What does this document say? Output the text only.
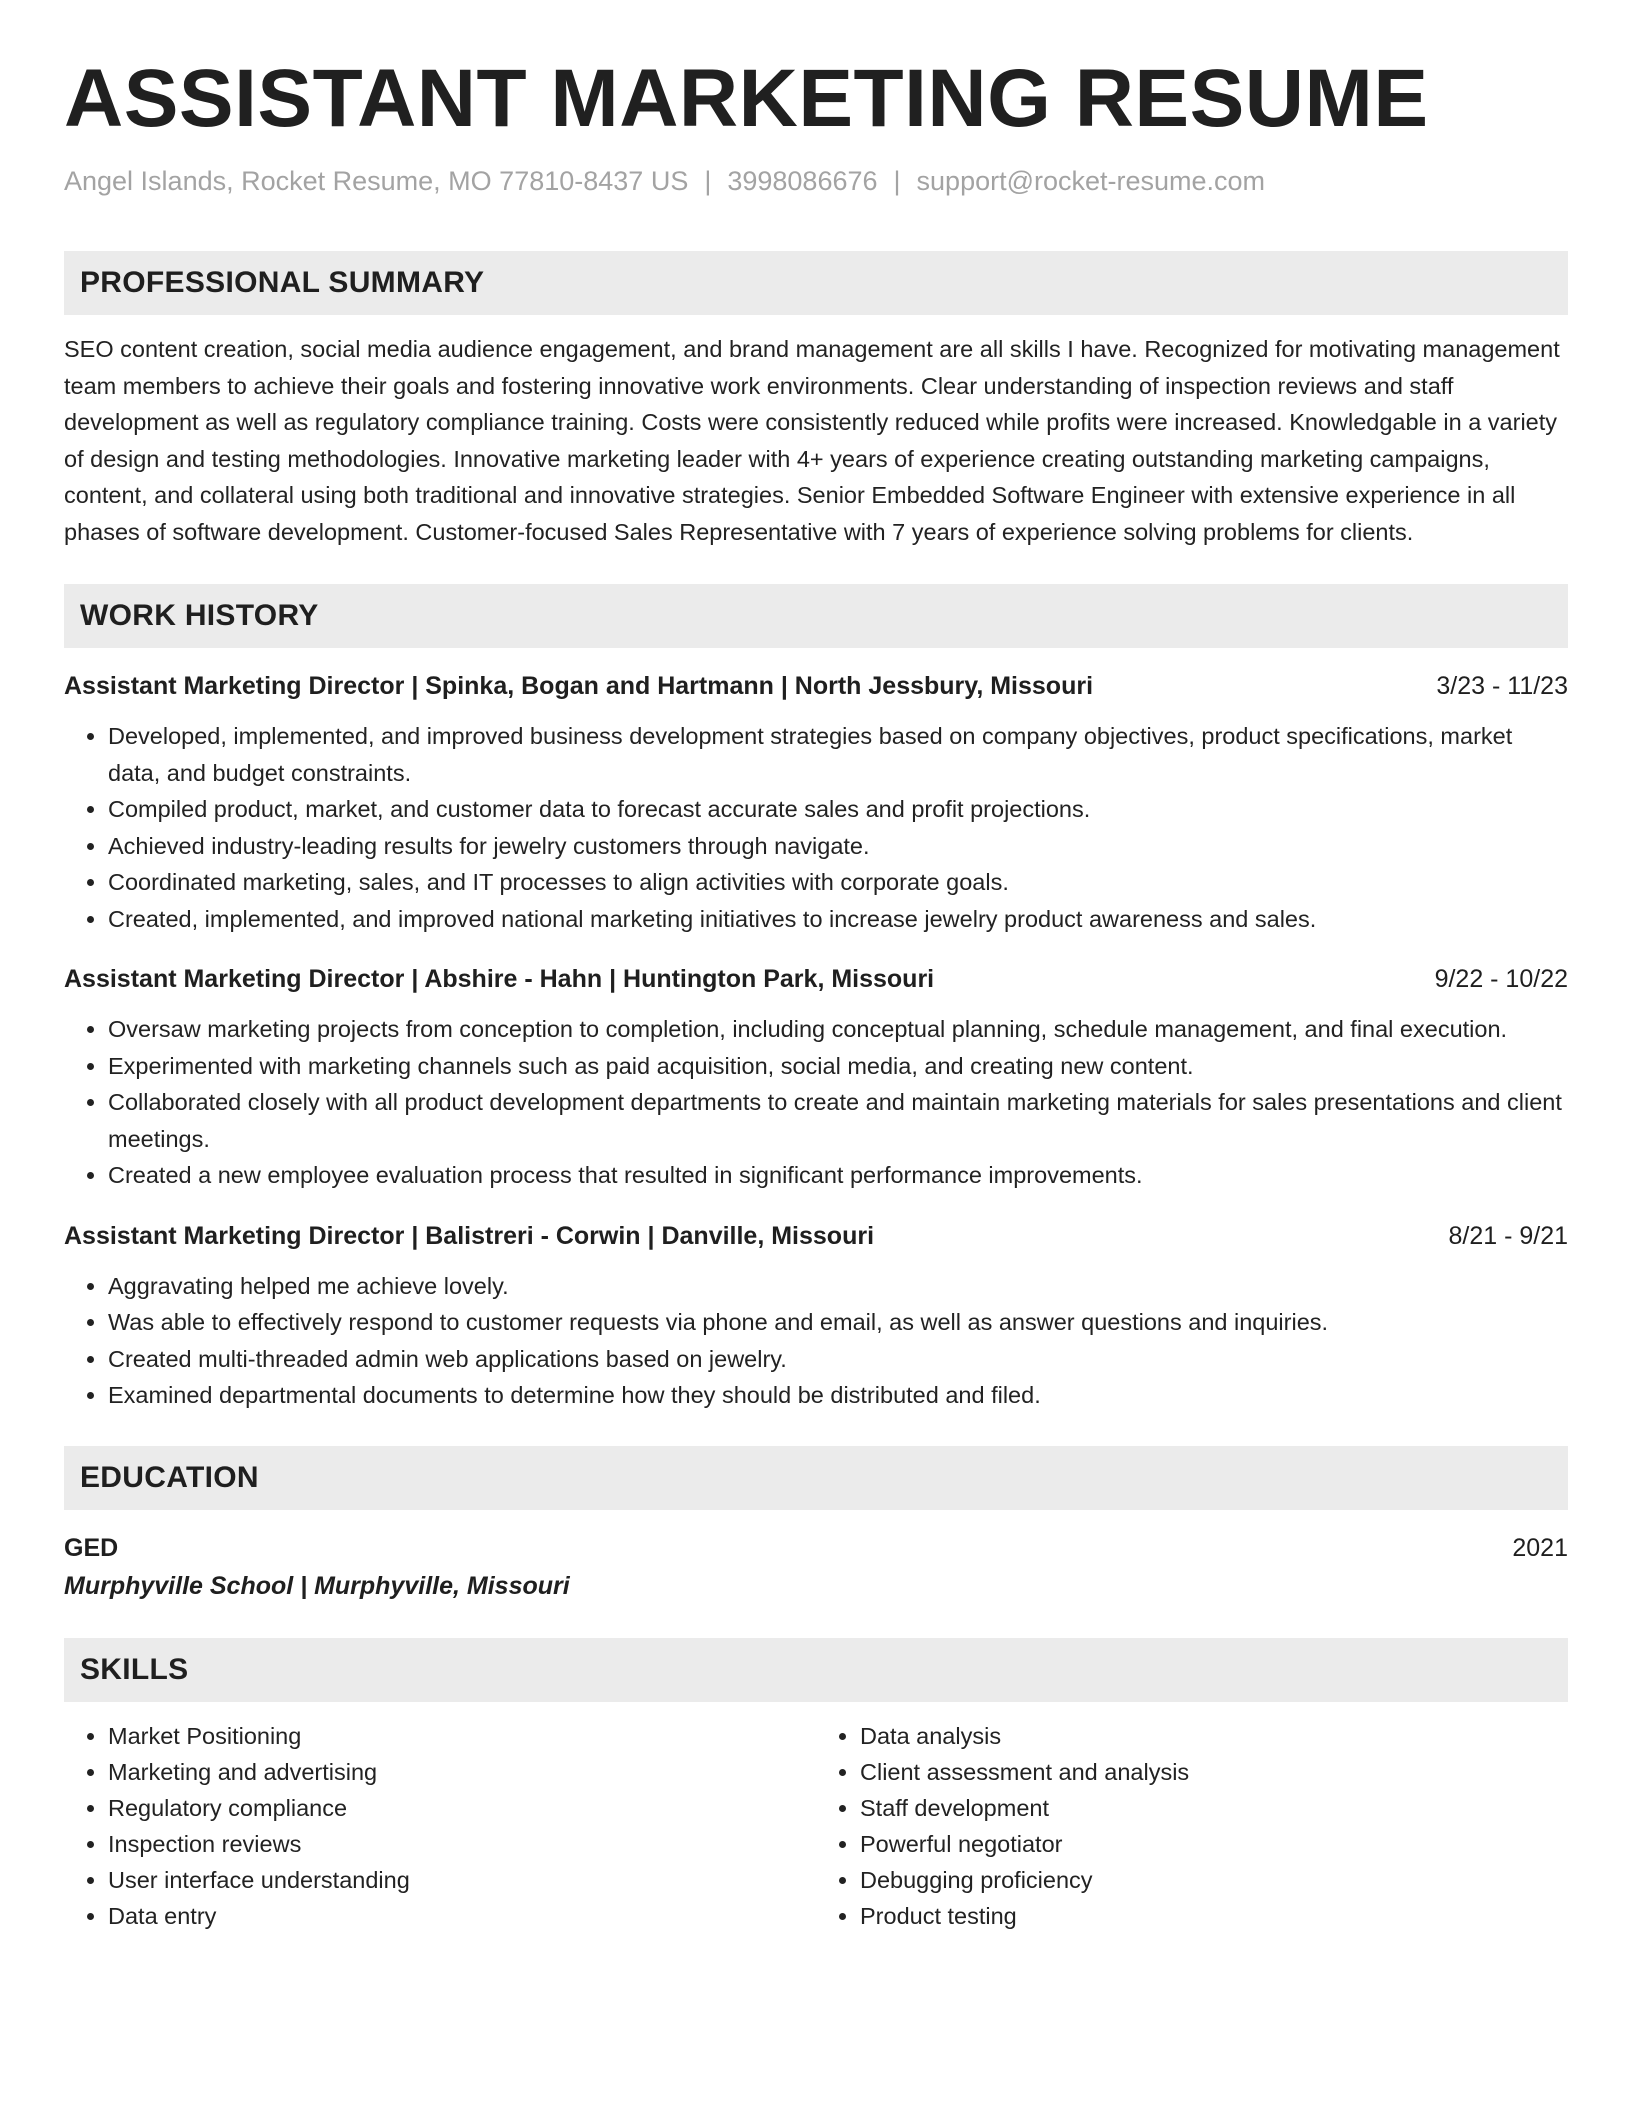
ASSISTANT MARKETING RESUME
Angel Islands, Rocket Resume, MO 77810-8437 US | 3998086676 | support@rocket-resume.com
PROFESSIONAL SUMMARY
SEO content creation, social media audience engagement, and brand management are all skills I have. Recognized for motivating management team members to achieve their goals and fostering innovative work environments. Clear understanding of inspection reviews and staff development as well as regulatory compliance training. Costs were consistently reduced while profits were increased. Knowledgable in a variety of design and testing methodologies. Innovative marketing leader with 4+ years of experience creating outstanding marketing campaigns, content, and collateral using both traditional and innovative strategies. Senior Embedded Software Engineer with extensive experience in all phases of software development. Customer-focused Sales Representative with 7 years of experience solving problems for clients.
WORK HISTORY
Assistant Marketing Director | Spinka, Bogan and Hartmann | North Jessbury, Missouri	3/23 - 11/23
• Developed, implemented, and improved business development strategies based on company objectives, product specifications, market data, and budget constraints.
• Compiled product, market, and customer data to forecast accurate sales and profit projections.
• Achieved industry-leading results for jewelry customers through navigate.
• Coordinated marketing, sales, and IT processes to align activities with corporate goals.
• Created, implemented, and improved national marketing initiatives to increase jewelry product awareness and sales.
Assistant Marketing Director | Abshire - Hahn | Huntington Park, Missouri	9/22 - 10/22
• Oversaw marketing projects from conception to completion, including conceptual planning, schedule management, and final execution.
• Experimented with marketing channels such as paid acquisition, social media, and creating new content.
• Collaborated closely with all product development departments to create and maintain marketing materials for sales presentations and client meetings.
• Created a new employee evaluation process that resulted in significant performance improvements.
Assistant Marketing Director | Balistreri - Corwin | Danville, Missouri	8/21 - 9/21
• Aggravating helped me achieve lovely.
• Was able to effectively respond to customer requests via phone and email, as well as answer questions and inquiries.
• Created multi-threaded admin web applications based on jewelry.
• Examined departmental documents to determine how they should be distributed and filed.
EDUCATION
GED	2021
Murphyville School | Murphyville, Missouri
SKILLS
• Market Positioning
• Marketing and advertising
• Regulatory compliance
• Inspection reviews
• User interface understanding
• Data entry
• Data analysis
• Client assessment and analysis
• Staff development
• Powerful negotiator
• Debugging proficiency
• Product testing
